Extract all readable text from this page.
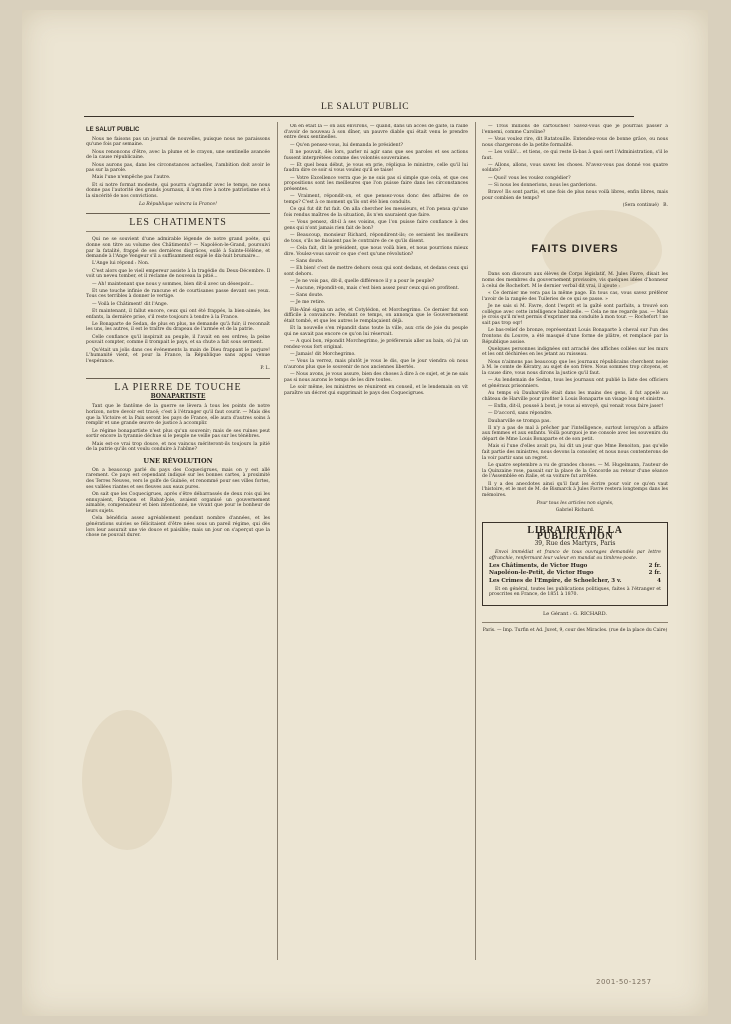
LE SALUT PUBLIC
LE SALUT PUBLIC

Nous ne faisons pas un journal de nouvelles, puisque nous ne paraissons qu'une fois par semaine.

Nous renoncons d'être, avec la plume et le crayon, une sentinelle avancée de la cause républicaine.

Nous aurons pas, dans les circonstances actuelles, l'ambition doit avoir le pas sur la parole.

Mais l'une n'empêche pas l'autre.

Et si notre format modeste, qui pourra s'agrandir avec le temps, ne nous donne pas l'autorité des grands journaux, il n'en rive à notre patriotisme et à la sincérité de nos convictions.

La République vaincra la France!
LES CHATIMENTS

Qui ne se souvient d'une admirable légende de notre grand poète, qui donne son titre au volume des Châtiments? — Napoléon-le-Grand, poursuivi par la fatalité, frappé de ses dernières disgrâces, exilé à Sainte-Hélène, et demande à l'Ange Vengeur s'il a suffisamment expié le dix-huit brumaire...

L'Ange lui répond : Non.

C'est alors que le vieil empereur assiste à la tragédie du Deux-Décembre. Il voit un neveu tomber, et il réclame de nouveau la pitié...

— Ah! maintenant que nous y sommes, bien dit-il avec un désespoir...

Et une touche infinie de rancune et de courtisanes passe devant ses yeux. Tous ces terribles à donner le vertige.

— Voilà le Châtiment! dit l'Ange.

Et maintenant, il fallut encore, ceux qui ont été frappés, la bien-aimée, les enfants, la dernière prise, s'il reste toujours à tendre à la France.

Le Bonaparte de Sedan, de plus en plus, ne demande qu'à fuir; il reconnaît les uns, les autres, il est le traître du drapeau de l'armée et de la patrie.

Celle confiance qu'il inspirait au peuple, il l'avait en ses ordres; la peine pouvait compter, comme il trompait le pays, et sa chute a fait sous serment.

Qu'était un jolis dans ces événements la main de Dieu frappant le parjure! L'humanité vient, et pour la France, la République sans appui venue l'espérance.

P. L.
LA PIERRE DE TOUCHE
BONAPARTISTE

Tant que le fantôme de la guerre se lèvera à tous les points de notre horizon, notre devoir est tracé; c'est à l'étranger qu'il faut courir. — Mais dès que la Victoire et la Paix seront les pays de France, elle aura d'autres soins à remplir et une grande œuvre de justice à accomplir.

Le régime bonapartiste n'est plus qu'un souvenir; mais de ses ruines peut sortir encore la tyrannie déchue si le peuple ne veille pas sur les ténèbres.

Mais est-ce vrai trop douce, et nos vaincus mériteront-ils toujours la pitié de la patrie qu'ils ont voulu conduire à l'abîme?

UNE RÉVOLUTION

On a beaucoup parlé du pays des Coquecigrues, mais on y est allé rarement. Ce pays est cependant indiqué sur les bonnes cartes, à proximité des Terres Neuves, vers le golfe de Guinée, et renommé pour ses villes fortes, ses vallées riantes et ses fleuves aux eaux pures.

On sait que les Coquecigrues, après s'être débarrassés de deux rois qui les ennuyaient, Patapon et Rabat-Joie, avaient organisé un gouvernement aimable, compensateur et bien intentionné, ne vivant que pour le bonheur de leurs sujets.

Cela bénéficia assez agréablement pendant nombre d'années, et les générations suivies se félicitaient d'être nées sous un pareil régime, qui dès lors leur assurait une vie douce et paisible; mais un jour on s'aperçut que la chose ne pouvait durer.

On en était là — on aux environs, — quand, dans un accès de gaîté, la raillé d'avoir de nouveau à son dîner, un pauvre diable qui était venu le prendre entre deux sentinelles.

— Qu'en pensez-vous, lui demanda le président?

Il ne pouvait, dès lors, parler ni agir sans que ses paroles et ses actions fussent interprétées comme des volontés souveraines.

— Et quel beau début, je vous en prie, répliqua le ministre, celle qu'il lui faudra dire ce soir si vous voulez qu'il se taise!

— Votre Excellence verra que je ne suis pas si simple que cela, et que ces propositions sont les meilleures que l'on puisse faire dans les circonstances présentes.

— Vraiment, répondit-on, et que pensez-vous donc des affaires de ce temps? C'est à ce moment qu'ils ont été bien conduits.

Ce qui fut dit fut fait. On alla chercher les messieurs, et l'on pensa qu'une fois rendus maîtres de la situation, ils n'en sauraient que faire.

— Vous pensez, dit-il à ses voisins, que l'on puisse faire confiance à des gens qui n'ont jamais rien fait de bon?

— Beaucoup, monsieur Richard, répondirent-ils; ce seraient les meilleurs de tous, s'ils ne faisaient pas le contraire de ce qu'ils disent.

— Cela fait, dit le président, que nous voilà bien, et nous pourrions mieux dire. Voulez-vous savoir ce que c'est qu'une révolution?

— Sans doute.

— Eh bien! c'est de mettre dehors ceux qui sont dedans, et dedans ceux qui sont dehors.

— Je ne vois pas, dit-il, quelle différence il y a pour le peuple?

— Aucune, répondit-on, mais c'est bien assez pour ceux qui en profitent.

— Sans doute.

— Je me retire.

Fils-Aîné signa un acte, et Cotylédon, et Morchegrimo. Ce dernier fut son difficile à convaincre. Pendant ce temps, on annonça que le Gouvernement était tombé, et que les autres le remplaçaient déjà.

Et la nouvelle s'en répandit dans toute la ville, aux cris de joie du peuple qui ne savait pas encore ce qu'on lui réservait.

— A quoi bon, répondit Morchegrimo, je préfèrerais aller au bain, où j'ai un rendez-vous fort original.

— Jamais! dit Morchegrimo.

— Vous la verrez, mais plutôt je vous le dis, que le jour viendra où nous n'aurons plus que le souvenir de nos anciennes libertés.

— Nous avons, je vous assure, bien des choses à dire à ce sujet, et je ne sais pas si nous aurons le temps de les dire toutes.

Le soir même, les ministres se réunirent en conseil, et le lendemain on vit paraître un décret qui supprimait le pays des Coquecigrues.

— Trois millions de cartouches! Savez-vous que je pourrais passer à l'ennemi, comme Caroline?

— Vous voulez rire, dit Ratatouille. Entendez-vous de bonne grâce, ou nous nous chargerons de la petite formalité.

— Les voilà!... et tiens, ce qui reste là-bas à quoi sert l'Administration, s'il le faut.

— Allons, allons, vous savez les choses. N'avez-vous pas donné vos quatre soldats?

— Quoi! vous les voulez congédier?

— Si nous les donnerions, nous les garderions.

Bravo! Ils sont partis, et une fois de plus nous voilà libres, enfin libres, mais pour combien de temps?

(Sera continué) B.
FAITS DIVERS

Dans son discours aux élèves de Corps législatif, M. Jules Favre, disait les noms des membres du gouvernement provisoire, vis quelques idées d'honneur à celui de Rochefort. M le dernier verbal dit vrai, il ajoute :

« Ce dernier me vera pas la même page. En tous cas, vous savez préférer l'avoir de la rangée des Tuileries de ce qui se passe. »

Je ne sais si M. Favre, dont l'esprit et la gaîté sont parfaits, a trouvé son collègue avec cette intelligence habituelle. — Cela ne me regarde pas. — Mais je crois qu'il m'est permis d'exprimer ma conduite à mon tour. — Rochefort ! ne sait pas trop oqr!

Le bas-relief de bronze, représentant Louis Bonaparte à cheval sur l'un des frontons du Louvre, a été masqué d'une forme de plâtre, et remplacé par la République assise.

Quelques personnes indignées ont arraché des affiches collées sur les murs et les ont déchirées en les jetant au ruisseau.

Nous n'aimons pas beaucoup que les journaux républicains cherchent noise à M. le comte de Kératry, au sujet de son frère. Nous sommes trop citoyens, et la cause dire, vous nous dirons la justice qu'il faut.

— Au lendemain de Sedan, tous les journaux ont publié la liste des officiers et généraux prisonniers.

Au temps où Daubarville était dans les mains des gens, il fut appelé au château de Harville pour profiter à Louis Bonaparte un visage long et sinistre.

— Enfin, dit-il, poussé à bout, je vous ai envoyé, qui venait vous faire jaser!

— D'accord, sans répondre.

Daubarville se trompa pas.

Il n'y a pas de mal à prêcher par l'intelligence, surtout lorsqu'on a affaire aux femmes et aux enfants. Voilà pourquoi je me console avec les souvenirs du départ de Mme Louis Bonaparte et de son petit.

Mais si l'une d'elles avait pu, lui dit un jour que Mme Benoiton, pas qu'elle fait partie des ministres, nous devons la consoler, et nous nous contenterons de la voir partir sans un regret.

Le quatre septembre a vu de grandes choses. — M. Hugelmann, l'auteur de la Quinzaine rose, passait sur la place de la Concorde au retour d'une séance de l'Assemblée en Italie, et sa voiture fut arrêtée.

Il y a des anecdotes ainsi qu'il faut les écrire pour voir ce qu'en vaut l'histoire, et le mot de M. de Bismarck à Jules Favre restera longtemps dans les mémoires.

Pour tous les articles non signés,
Gabriel Richard.
LIBRAIRIE DE LA PUBLICATION
39, Rue des Martyrs, Paris
Envoi immédiat et franco de tous ouvrages demandés par lettre affranchie, renfermant leur valeur en mandat ou timbres-poste.
Les Châtiments, de Victor Hugo	2 fr.
Napoléon-le-Petit, de Victor Hugo	2 fr.
Les Crimes de l'Empire, de Schoelcher, 3 v.	4
Et en général, toutes les publications politiques, faites à l'étranger et proscrites en France, de 1851 à 1870.
Le Gérant : G. RICHARD.
Paris. — Imp. Turfin et Ad. Juvet, 9, cour des Miracles. (rue de la place du Caire)
2001-50-1257
